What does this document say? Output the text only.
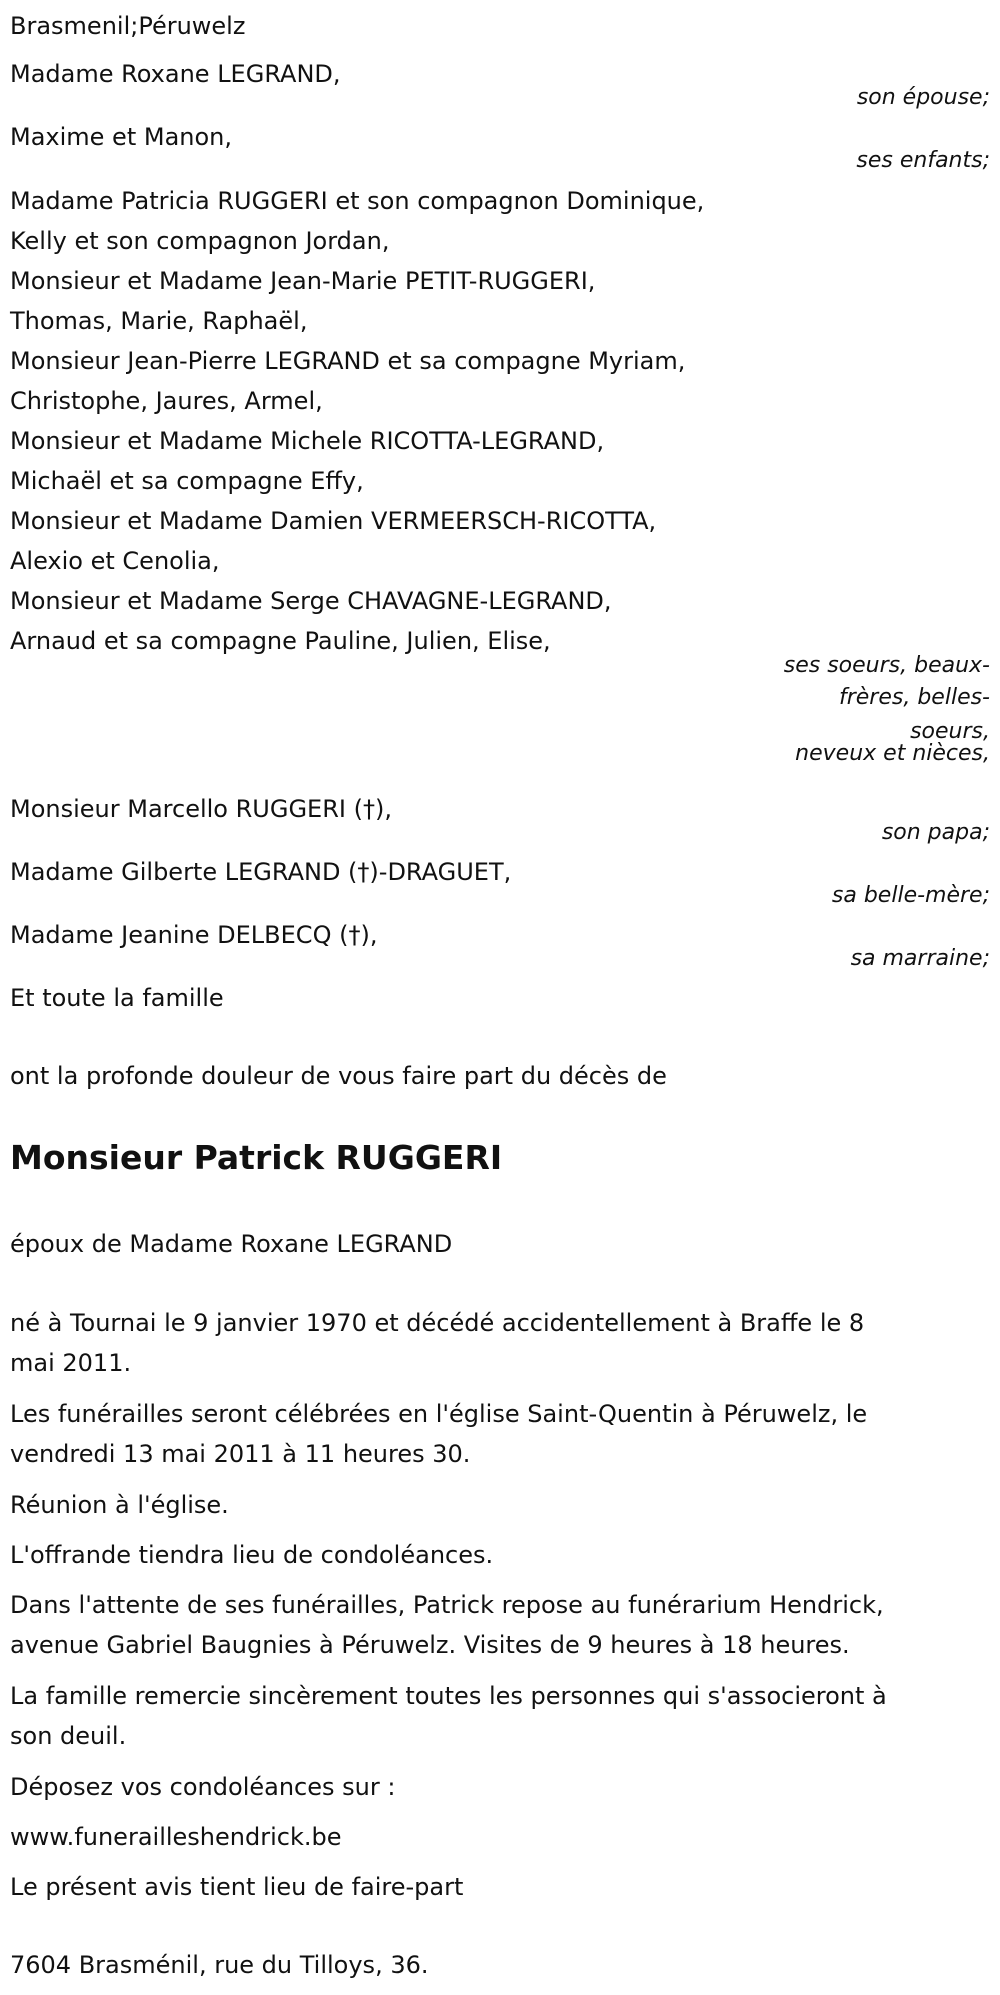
Brasmenil;Péruwelz

Madame Roxane LEGRAND,

son épouse;

Maxime et Manon,

ses enfants;

Madame Patricia RUGGERI et son compagnon Dominique,

Kelly et son compagnon Jordan,

Monsieur et Madame Jean-Marie PETIT-RUGGERI,

Thomas, Marie, Raphaël,

Monsieur Jean-Pierre LEGRAND et sa compagne Myriam,

Christophe, Jaures, Armel,

Monsieur et Madame Michele RICOTTA-LEGRAND,

Michaël et sa compagne Effy,

Monsieur et Madame Damien VERMEERSCH-RICOTTA,

Alexio et Cenolia,

Monsieur et Madame Serge CHAVAGNE-LEGRAND,

Arnaud et sa compagne Pauline, Julien, Elise,

ses soeurs, beaux-
frères, belles-
soeurs,
neveux et nièces,

Monsieur Marcello RUGGERI (†),

son papa;

Madame Gilberte LEGRAND (†)-DRAGUET,

sa belle-mère;

Madame Jeanine DELBECQ (†),

sa marraine;

Et toute la famille

ont la profonde douleur de vous faire part du décès de

Monsieur Patrick RUGGERI

époux de Madame Roxane LEGRAND

né à Tournai le 9 janvier 1970 et décédé accidentellement à Braffe le 8

mai 2011.

Les funérailles seront célébrées en l'église Saint-Quentin à Péruwelz, le

vendredi 13 mai 2011 à 11 heures 30.

Réunion à l'église.

L'offrande tiendra lieu de condoléances.

Dans l'attente de ses funérailles, Patrick repose au funérarium Hendrick,

avenue Gabriel Baugnies à Péruwelz. Visites de 9 heures à 18 heures.

La famille remercie sincèrement toutes les personnes qui s'associeront à

son deuil.

Déposez vos condoléances sur :

www.funerailleshendrick.be

Le présent avis tient lieu de faire-part

7604 Brasménil, rue du Tilloys, 36.
